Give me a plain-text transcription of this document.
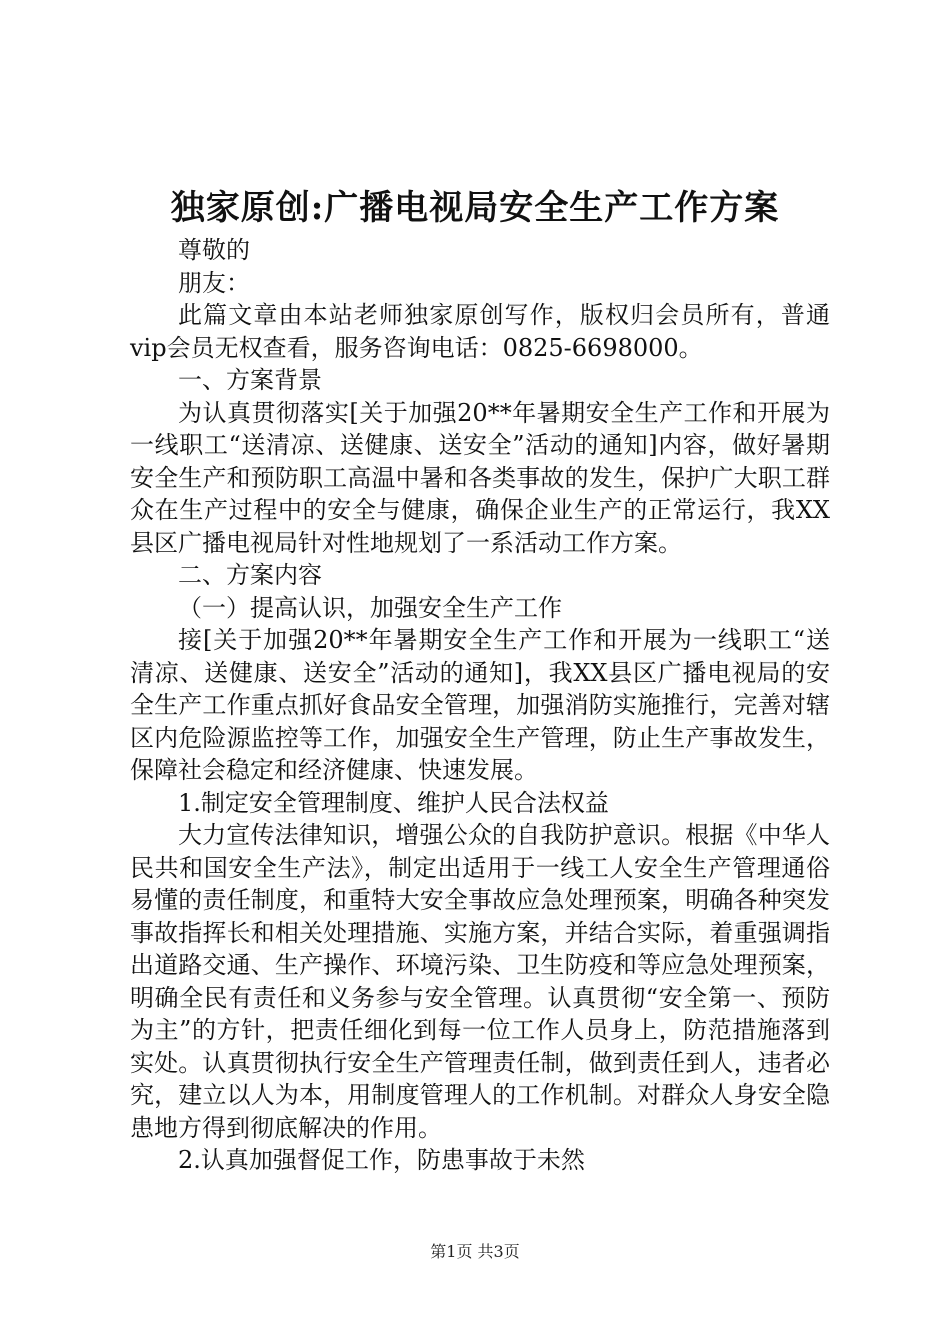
独家原创:广播电视局安全生产工作方案

尊敬的

朋友：

此篇文章由本站老师独家原创写作，版权归会员所有，普通vip会员无权查看，服务咨询电话：0825-6698000。

一、方案背景

为认真贯彻落实[关于加强20**年暑期安全生产工作和开展为一线职工“送清凉、送健康、送安全”活动的通知]内容，做好暑期安全生产和预防职工高温中暑和各类事故的发生，保护广大职工群众在生产过程中的安全与健康，确保企业生产的正常运行，我XX县区广播电视局针对性地规划了一系活动工作方案。

二、方案内容

（一）提高认识，加强安全生产工作

接[关于加强20**年暑期安全生产工作和开展为一线职工“送清凉、送健康、送安全”活动的通知]，我XX县区广播电视局的安全生产工作重点抓好食品安全管理，加强消防实施推行，完善对辖区内危险源监控等工作，加强安全生产管理，防止生产事故发生，保障社会稳定和经济健康、快速发展。

1.制定安全管理制度、维护人民合法权益

大力宣传法律知识，增强公众的自我防护意识。根据《中华人民共和国安全生产法》，制定出适用于一线工人安全生产管理通俗易懂的责任制度，和重特大安全事故应急处理预案，明确各种突发事故指挥长和相关处理措施、实施方案，并结合实际，着重强调指出道路交通、生产操作、环境污染、卫生防疫和等应急处理预案，明确全民有责任和义务参与安全管理。认真贯彻“安全第一、预防为主”的方针，把责任细化到每一位工作人员身上，防范措施落到实处。认真贯彻执行安全生产管理责任制，做到责任到人，违者必究，建立以人为本，用制度管理人的工作机制。对群众人身安全隐患地方得到彻底解决的作用。

2.认真加强督促工作，防患事故于未然

第1页 共3页
